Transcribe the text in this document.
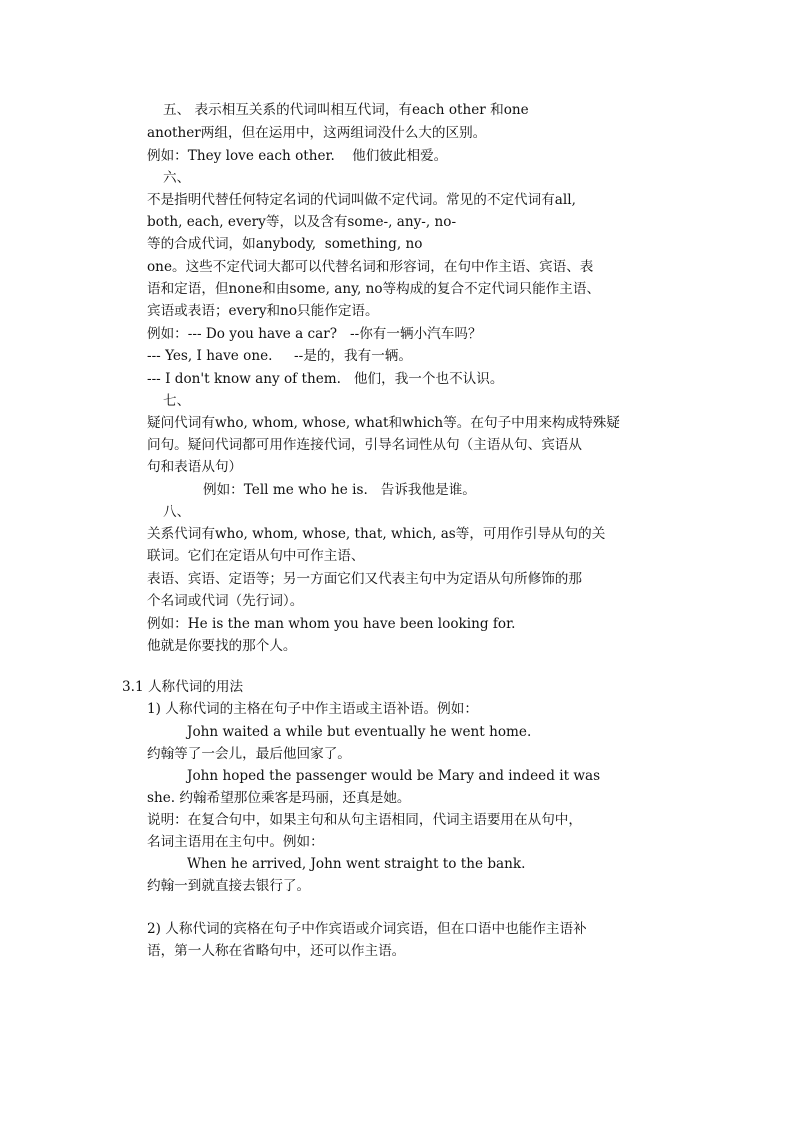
五、 表示相互关系的代词叫相互代词，有each other 和one

another两组，但在运用中，这两组词没什么大的区别。

例如：They love each other.    他们彼此相爱。

六、

不是指明代替任何特定名词的代词叫做不定代词。常见的不定代词有all,

both, each, every等，以及含有some-, any-, no-

等的合成代词，如anybody,  something, no

one。这些不定代词大都可以代替名词和形容词，在句中作主语、宾语、表

语和定语，但none和由some, any, no等构成的复合不定代词只能作主语、

宾语或表语；every和no只能作定语。

例如：--- Do you have a car?   --你有一辆小汽车吗？

--- Yes, I have one.     --是的，我有一辆。

--- I don't know any of them.   他们，我一个也不认识。

七、

疑问代词有who, whom, whose, what和which等。在句子中用来构成特殊疑

问句。疑问代词都可用作连接代词，引导名词性从句（主语从句、宾语从

句和表语从句）

例如：Tell me who he is.   告诉我他是谁。

八、

关系代词有who, whom, whose, that, which, as等，可用作引导从句的关

联词。它们在定语从句中可作主语、

表语、宾语、定语等；另一方面它们又代表主句中为定语从句所修饰的那

个名词或代词（先行词）。

例如：He is the man whom you have been looking for.

他就是你要找的那个人。

3.1 人称代词的用法

1) 人称代词的主格在句子中作主语或主语补语。例如：

John waited a while but eventually he went home.

约翰等了一会儿，最后他回家了。

John hoped the passenger would be Mary and indeed it was

she. 约翰希望那位乘客是玛丽，还真是她。

说明：在复合句中，如果主句和从句主语相同，代词主语要用在从句中，

名词主语用在主句中。例如：

When he arrived, John went straight to the bank.

约翰一到就直接去银行了。

2) 人称代词的宾格在句子中作宾语或介词宾语，但在口语中也能作主语补

语，第一人称在省略句中，还可以作主语。
